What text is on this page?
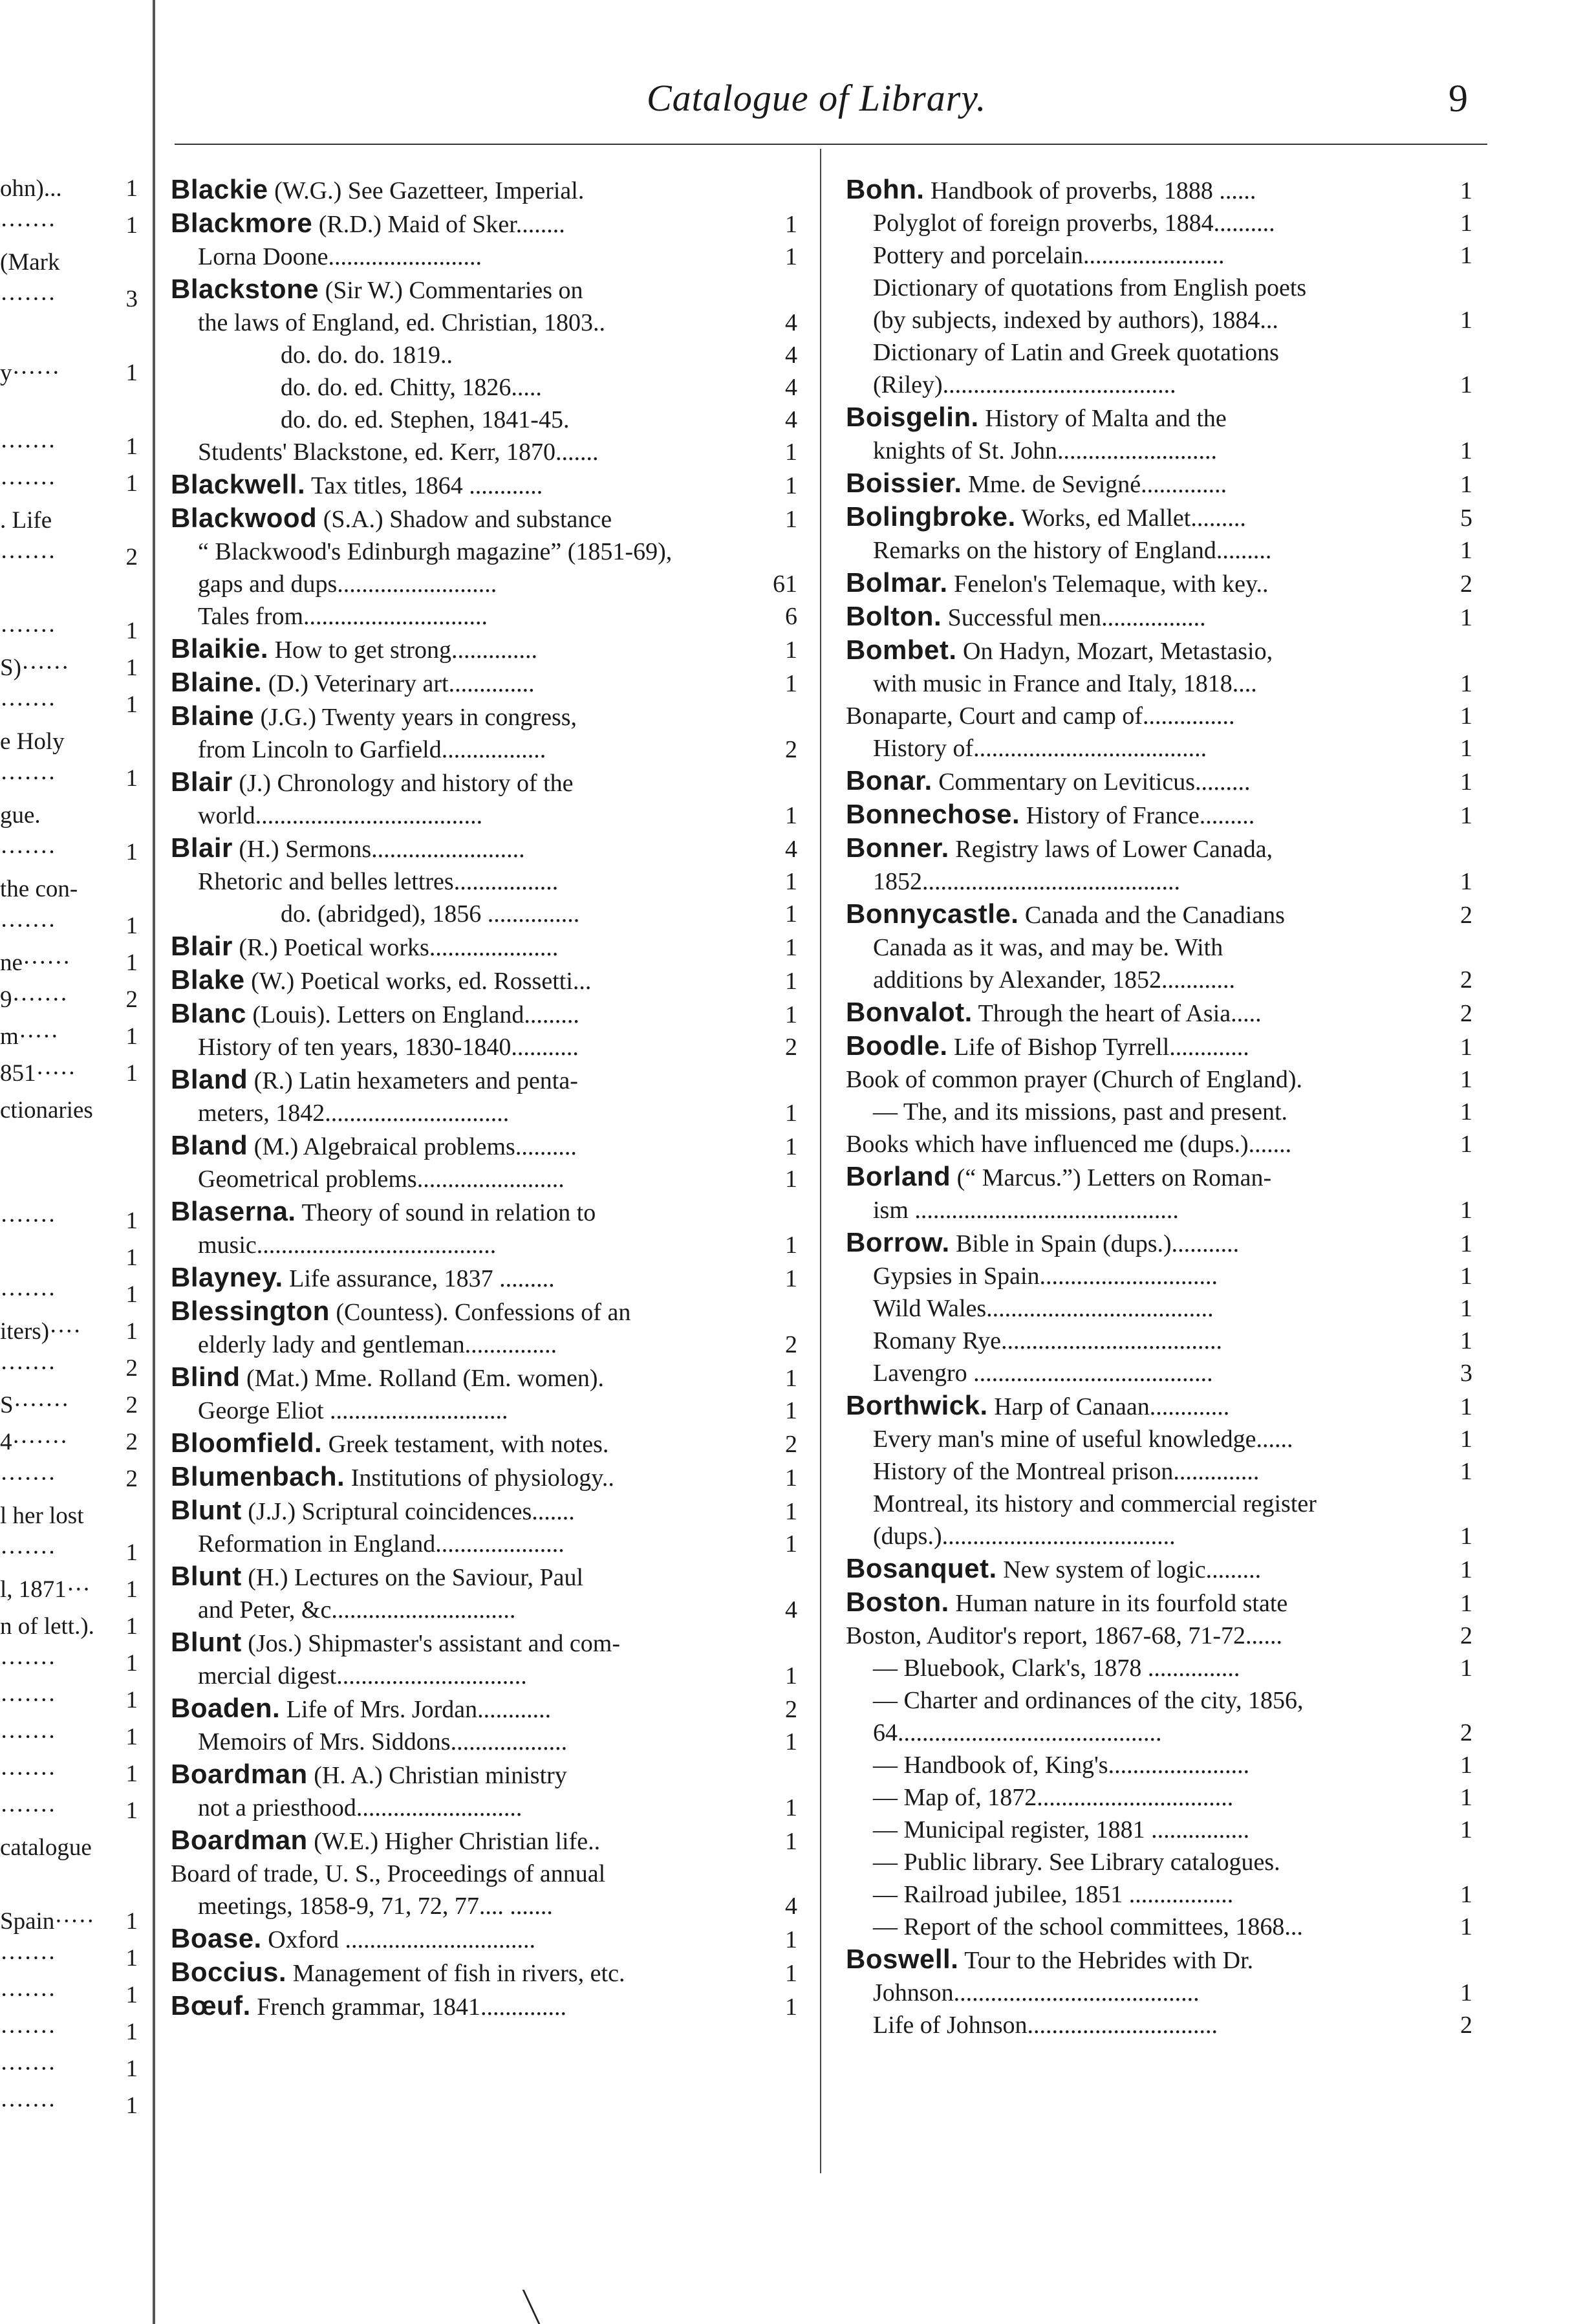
ohn)...	1
·······	1
(Mark
·······	3
y······	1
·······	1
·······	1
. Life
·······	2
·······	1
S)······ 1
·······	1
e Holy
·······	1
gue.
·······	1
the con-
·······	1
ne······ 1
9······· 2
m·····	1
851····· 1
ctionaries
·······	1
1
·······	1
iters)···· 1
·······	2
S······· 2
4······· 2
·······	2
l her lost
·······	1
l, 1871··· 1
n of lett.). 1
·······	1
·······	1
·······	1
·······	1
·······	1
catalogue
Spain····· 1
·······	1
·······	1
·······	1
·······	1
·······	1
Catalogue of Library.	9
Blackie (W.G.) See Gazetteer, Imperial.
Blackmore (R.D.) Maid of Sker........	1
Lorna Doone.........................	1
Blackstone (Sir W.) Commentaries on
the laws of England, ed. Christian, 1803..	4
do. do. do. 1819..	4
do. do. ed. Chitty, 1826.....	4
do. do. ed. Stephen, 1841-45.	4
Students' Blackstone, ed. Kerr, 1870.......	1
Blackwell. Tax titles, 1864 ............	1
Blackwood (S.A.) Shadow and substance	1
“ Blackwood's Edinburgh magazine” (1851-69),
gaps and dups..........................	61
Tales from..............................	6
Blaikie. How to get strong..............	1
Blaine. (D.) Veterinary art..............	1
Blaine (J.G.) Twenty years in congress,
from Lincoln to Garfield.................	2
Blair (J.) Chronology and history of the
world.....................................	1
Blair (H.) Sermons.........................	4
Rhetoric and belles lettres.................	1
do. (abridged), 1856 ...............	1
Blair (R.) Poetical works.....................	1
Blake (W.) Poetical works, ed. Rossetti...	1
Blanc (Louis). Letters on England.........	1
History of ten years, 1830-1840...........	2
Bland (R.) Latin hexameters and penta-
meters, 1842..............................	1
Bland (M.) Algebraical problems..........	1
Geometrical problems........................	1
Blaserna. Theory of sound in relation to
music.......................................	1
Blayney. Life assurance, 1837 .........	1
Blessington (Countess). Confessions of an
elderly lady and gentleman...............	2
Blind (Mat.) Mme. Rolland (Em. women).	1
George Eliot .............................	1
Bloomfield. Greek testament, with notes.	2
Blumenbach. Institutions of physiology..	1
Blunt (J.J.) Scriptural coincidences.......	1
Reformation in England.....................	1
Blunt (H.) Lectures on the Saviour, Paul
and Peter, &c..............................	4
Blunt (Jos.) Shipmaster's assistant and com-
mercial digest...............................	1
Boaden. Life of Mrs. Jordan............	2
Memoirs of Mrs. Siddons...................	1
Boardman (H. A.) Christian ministry
not a priesthood...........................	1
Boardman (W.E.) Higher Christian life..	1
Board of trade, U. S., Proceedings of annual
meetings, 1858-9, 71, 72, 77.... .......	4
Boase. Oxford ...............................	1
Boccius. Management of fish in rivers, etc.	1
Bœuf. French grammar, 1841..............	1
Bohn. Handbook of proverbs, 1888 ......	1
Polyglot of foreign proverbs, 1884..........	1
Pottery and porcelain.......................	1
Dictionary of quotations from English poets
(by subjects, indexed by authors), 1884...	1
Dictionary of Latin and Greek quotations
(Riley)......................................	1
Boisgelin. History of Malta and the
knights of St. John..........................	1
Boissier. Mme. de Sevigné..............	1
Bolingbroke. Works, ed Mallet.........	5
Remarks on the history of England.........	1
Bolmar. Fenelon's Telemaque, with key..	2
Bolton. Successful men.................	1
Bombet. On Hadyn, Mozart, Metastasio,
with music in France and Italy, 1818....	1
Bonaparte, Court and camp of...............	1
History of......................................	1
Bonar. Commentary on Leviticus.........	1
Bonnechose. History of France.........	1
Bonner. Registry laws of Lower Canada,
1852..........................................	1
Bonnycastle. Canada and the Canadians	2
Canada as it was, and may be. With
additions by Alexander, 1852............	2
Bonvalot. Through the heart of Asia.....	2
Boodle. Life of Bishop Tyrrell.............	1
Book of common prayer (Church of England).	1
— The, and its missions, past and present.	1
Books which have influenced me (dups.).......	1
Borland (“ Marcus.”) Letters on Roman-
ism ...........................................	1
Borrow. Bible in Spain (dups.)...........	1
Gypsies in Spain.............................	1
Wild Wales.....................................	1
Romany Rye....................................	1
Lavengro .......................................	3
Borthwick. Harp of Canaan.............	1
Every man's mine of useful knowledge......	1
History of the Montreal prison..............	1
Montreal, its history and commercial register
(dups.)......................................	1
Bosanquet. New system of logic.........	1
Boston. Human nature in its fourfold state	1
Boston, Auditor's report, 1867-68, 71-72......	2
— Bluebook, Clark's, 1878 ...............	1
— Charter and ordinances of the city, 1856,
64...........................................	2
— Handbook of, King's.......................	1
— Map of, 1872................................	1
— Municipal register, 1881 ................	1
— Public library. See Library catalogues.
— Railroad jubilee, 1851 .................	1
— Report of the school committees, 1868...	1
Boswell. Tour to the Hebrides with Dr.
Johnson........................................	1
Life of Johnson...............................	2
